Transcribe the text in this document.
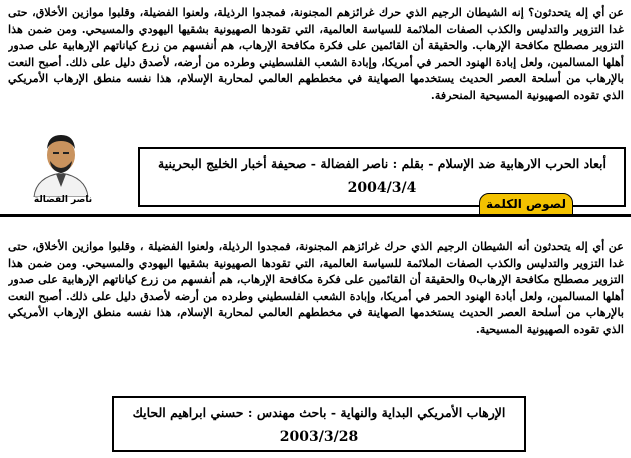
عن أي إله يتحدثون؟ إنه الشيطان الرجيم الذي حرك غرائزهم المجنونة، فمجدوا الرذيلة، ولعنوا الفضيلة، وقلبوا موازين الأخلاق، حتى غدا التزوير والتدليس والكذب الصفات الملائمة للسياسة العالمية، التي تقودها الصهيونية بشقيها اليهودي والمسيحي. ومن ضمن هذا التزوير مصطلح مكافحة الإرهاب. والحقيقة أن القائمين على فكرة مكافحة الإرهاب، هم أنفسهم من زرع كياناتهم الإرهابية على صدور أهلها المسالمين، ولعل إبادة الهنود الحمر في أمريكا، وإبادة الشعب الفلسطيني وطرده من أرضه، لأصدق دليل على ذلك. أصبح النعت بالإرهاب من أسلحة العصر الحديث يستخدمها الصهاينة في مخططهم العالمي لمحاربة الإسلام، هذا نفسه منطق الإرهاب الأمريكي الذي تقوده الصهيونية المسيحية المنحرفة.
ناصر الفضالة
أبعاد الحرب الارهابية ضد الإسلام - بقلم : ناصر الفضالة - صحيفة أخبار الخليج البحرينية
2004/3/4
لصوص الكلمة
عن أي إله يتحدثون أنه الشيطان الرجيم الذي حرك غرائزهم المجنونة، فمجدوا الرذيلة، ولعنوا الفضيلة ، وقلبوا موازين الأخلاق، حتى غدا التزوير والتدليس والكذب الصفات الملائمة للسياسة العالمية، التي تقودها الصهيونية بشقيها اليهودي والمسيحي. ومن ضمن هذا التزوير مصطلح مكافحة الإرهاب0 والحقيقة أن القائمين على فكرة مكافحة الإرهاب، هم أنفسهم من زرع كياناتهم الإرهابية على صدور أهلها المسالمين، ولعل أبادة الهنود الحمر في أمريكا، وإبادة الشعب الفلسطيني وطرده من أرضه لأصدق دليل على ذلك. أصبح النعت بالإرهاب من أسلحة العصر الحديث يستخدمها الصهاينة في مخططهم العالمي لمحاربة الإسلام، هذا نفسه منطق الإرهاب الأمريكي الذي تقوده الصهيونية المسيحية.
الإرهاب الأمريكي البداية والنهاية - باحث مهندس : حسني ابراهيم الحايك
2003/3/28
